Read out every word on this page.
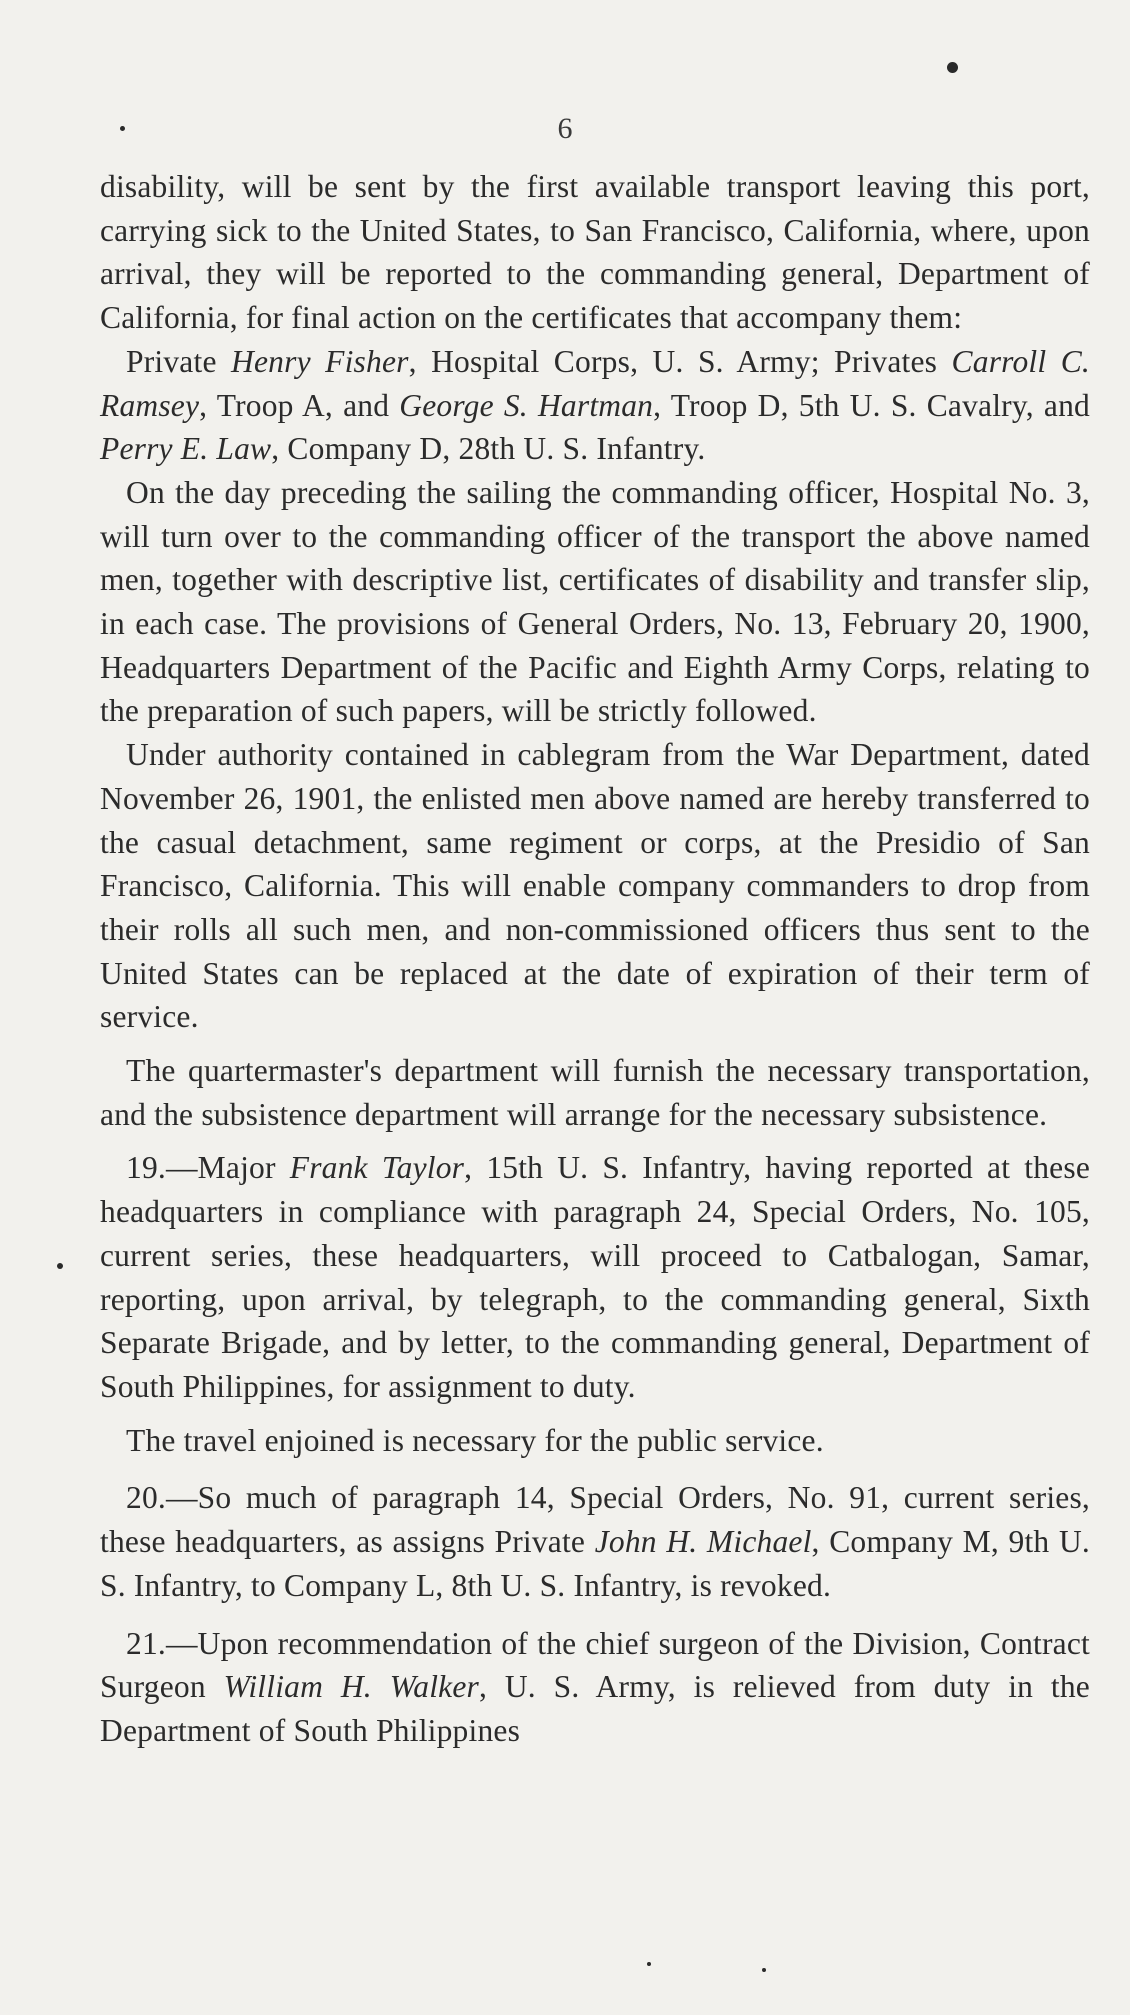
6

disability, will be sent by the first available transport leaving this port, carrying sick to the United States, to San Francisco, California, where, upon arrival, they will be reported to the commanding general, Department of California, for final action on the certificates that accompany them:

Private Henry Fisher, Hospital Corps, U. S. Army; Privates Carroll C. Ramsey, Troop A, and George S. Hartman, Troop D, 5th U. S. Cavalry, and Perry E. Law, Company D, 28th U. S. Infantry.

On the day preceding the sailing the commanding officer, Hospital No. 3, will turn over to the commanding officer of the transport the above named men, together with descriptive list, certificates of disability and transfer slip, in each case. The provisions of General Orders, No. 13, February 20, 1900, Headquarters Department of the Pacific and Eighth Army Corps, relating to the preparation of such papers, will be strictly followed.

Under authority contained in cablegram from the War Department, dated November 26, 1901, the enlisted men above named are hereby transferred to the casual detachment, same regiment or corps, at the Presidio of San Francisco, California. This will enable company commanders to drop from their rolls all such men, and non-commissioned officers thus sent to the United States can be replaced at the date of expiration of their term of service.

The quartermaster's department will furnish the necessary transportation, and the subsistence department will arrange for the necessary subsistence.

19.—Major Frank Taylor, 15th U. S. Infantry, having reported at these headquarters in compliance with paragraph 24, Special Orders, No. 105, current series, these headquarters, will proceed to Catbalogan, Samar, reporting, upon arrival, by telegraph, to the commanding general, Sixth Separate Brigade, and by letter, to the commanding general, Department of South Philippines, for assignment to duty.

The travel enjoined is necessary for the public service.

20.—So much of paragraph 14, Special Orders, No. 91, current series, these headquarters, as assigns Private John H. Michael, Company M, 9th U. S. Infantry, to Company L, 8th U. S. Infantry, is revoked.

21.—Upon recommendation of the chief surgeon of the Division, Contract Surgeon William H. Walker, U. S. Army, is relieved from duty in the Department of South Philippines
